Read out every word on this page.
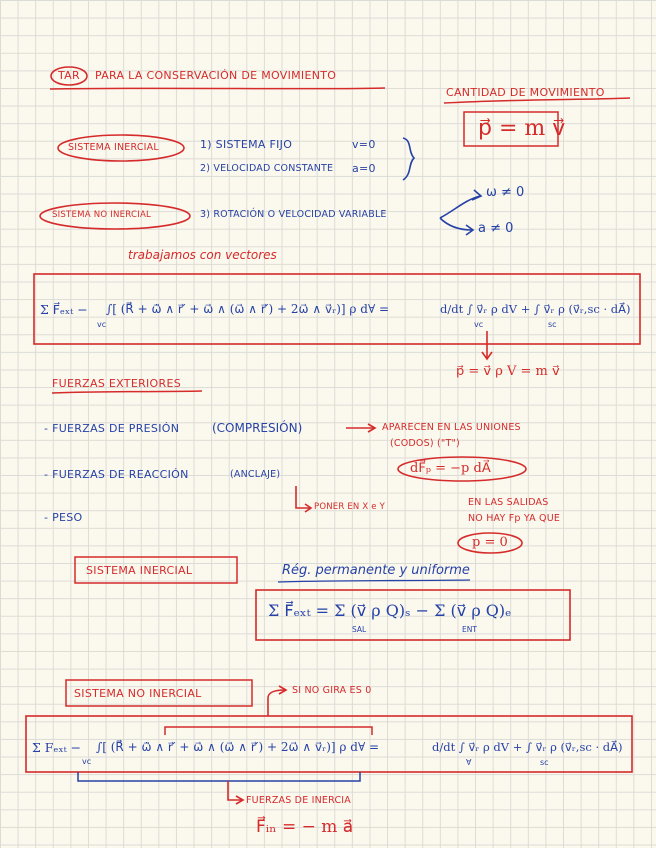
TAR PARA LA CONSERVACIÓN DE MOVIMIENTO
CANTIDAD DE MOVIMIENTO
p⃗ = m v⃗
SISTEMA INERCIAL	1) SISTEMA FIJO	v=0
2) VELOCIDAD CONSTANTE a=0
SISTEMA NO INERCIAL	3) ROTACIÓN O VELOCIDAD VARIABLE
ω ≠ 0
a ≠ 0
trabajamos con vectores
Σ F⃗ₑₓₜ −
vc
∫[ (R̈⃗ + ω̇⃗ ∧ r⃗′ + ω⃗ ∧ (ω⃗ ∧ r⃗′) + 2ω⃗ ∧ v⃗ᵣ)] ρ d∀ =	d/dt ∫ v⃗ᵣ ρ dV + ∫ v⃗ᵣ ρ (v⃗ᵣ,sc · dA⃗)
vc	sc
p⃗ = v⃗ ρ V = m v⃗
FUERZAS EXTERIORES
- FUERZAS DE PRESIÓN	(COMPRESIÓN)	APARECEN EN LAS UNIONES
(CODOS) ("T")
dF⃗ₚ = −p dA⃗
- FUERZAS DE REACCIÓN	(ANCLAJE)
PONER EN X e Y
- PESO
EN LAS SALIDAS
NO HAY Fp YA QUE
p = 0
SISTEMA INERCIAL	Rég. permanente y uniforme
Σ F⃗ₑₓₜ = Σ (v⃗ ρ Q)ₛ − Σ (v⃗ ρ Q)ₑ
SAL	ENT
SISTEMA NO INERCIAL	SI NO GIRA ES 0
Σ Fₑₓₜ −
vc
∫[ (R̈⃗ + ω̇⃗ ∧ r⃗′ + ω⃗ ∧ (ω⃗ ∧ r⃗′) + 2ω⃗ ∧ v⃗ᵣ)] ρ d∀ =	d/dt ∫ v⃗ᵣ ρ dV + ∫ v⃗ᵣ ρ (v⃗ᵣ,sc · dA⃗)
∀	sc
FUERZAS DE INERCIA
F⃗ᵢₙ = − m a⃗
